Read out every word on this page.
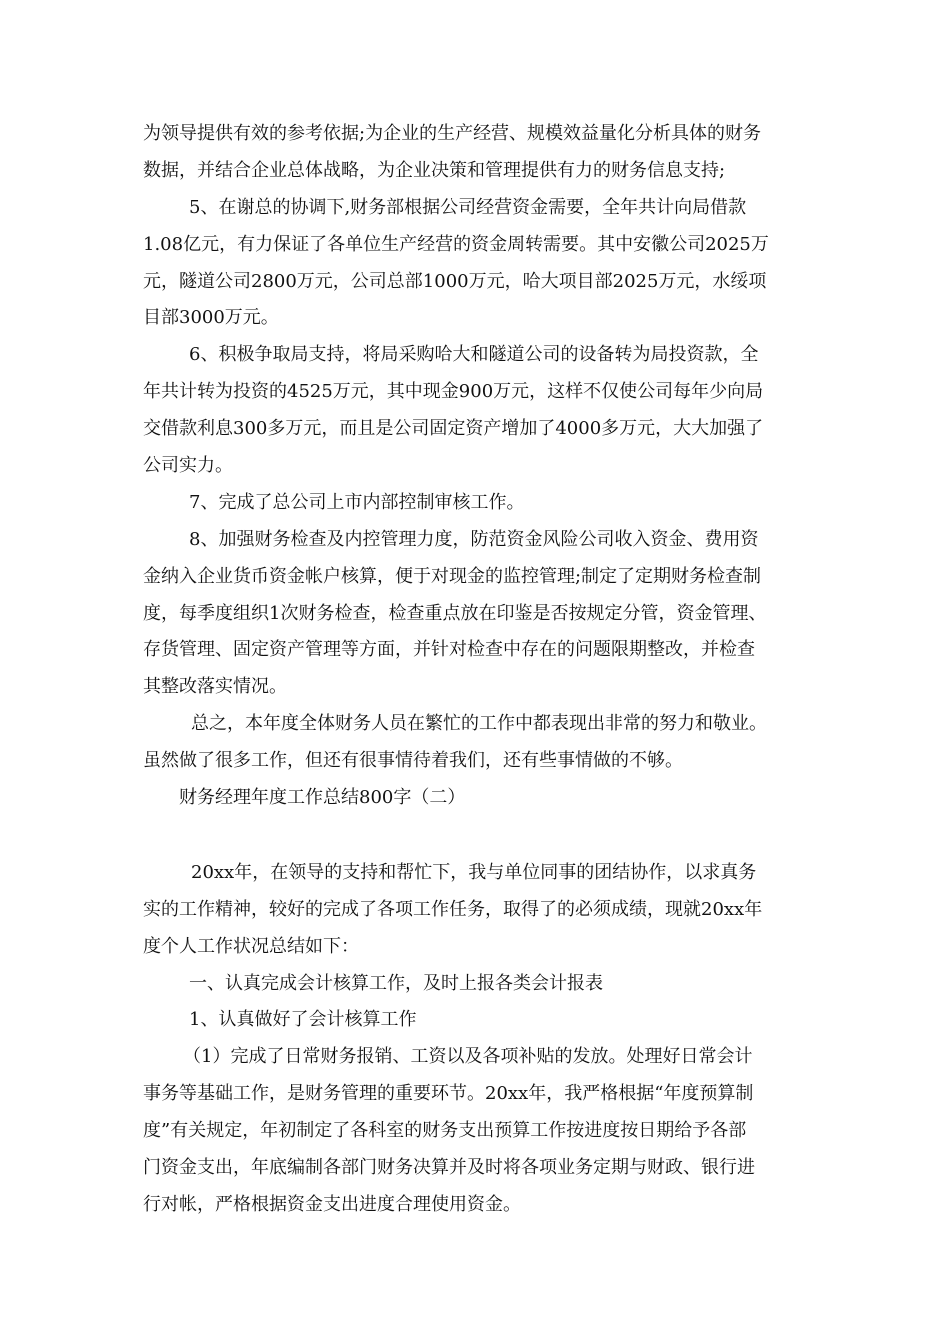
为领导提供有效的参考依据;为企业的生产经营、规模效益量化分析具体的财务
数据，并结合企业总体战略，为企业决策和管理提供有力的财务信息支持;
5、在谢总的协调下,财务部根据公司经营资金需要，全年共计向局借款
1.08亿元，有力保证了各单位生产经营的资金周转需要。其中安徽公司2025万
元，隧道公司2800万元，公司总部1000万元，哈大项目部2025万元，水绥项
目部3000万元。
6、积极争取局支持，将局采购哈大和隧道公司的设备转为局投资款，全
年共计转为投资的4525万元，其中现金900万元，这样不仅使公司每年少向局
交借款利息300多万元，而且是公司固定资产增加了4000多万元，大大加强了
公司实力。
7、完成了总公司上市内部控制审核工作。
8、加强财务检查及内控管理力度，防范资金风险公司收入资金、费用资
金纳入企业货币资金帐户核算，便于对现金的监控管理;制定了定期财务检查制
度，每季度组织1次财务检查，检查重点放在印鉴是否按规定分管，资金管理、
存货管理、固定资产管理等方面，并针对检查中存在的问题限期整改，并检查
其整改落实情况。
总之，本年度全体财务人员在繁忙的工作中都表现出非常的努力和敬业。
虽然做了很多工作，但还有很事情待着我们，还有些事情做的不够。
财务经理年度工作总结800字（二）
20xx年，在领导的支持和帮忙下，我与单位同事的团结协作，以求真务
实的工作精神，较好的完成了各项工作任务，取得了的必须成绩，现就20xx年
度个人工作状况总结如下：
一、认真完成会计核算工作，及时上报各类会计报表
1、认真做好了会计核算工作
（1）完成了日常财务报销、工资以及各项补贴的发放。处理好日常会计
事务等基础工作，是财务管理的重要环节。20xx年，我严格根据“年度预算制
度”有关规定，年初制定了各科室的财务支出预算工作按进度按日期给予各部
门资金支出，年底编制各部门财务决算并及时将各项业务定期与财政、银行进
行对帐，严格根据资金支出进度合理使用资金。
